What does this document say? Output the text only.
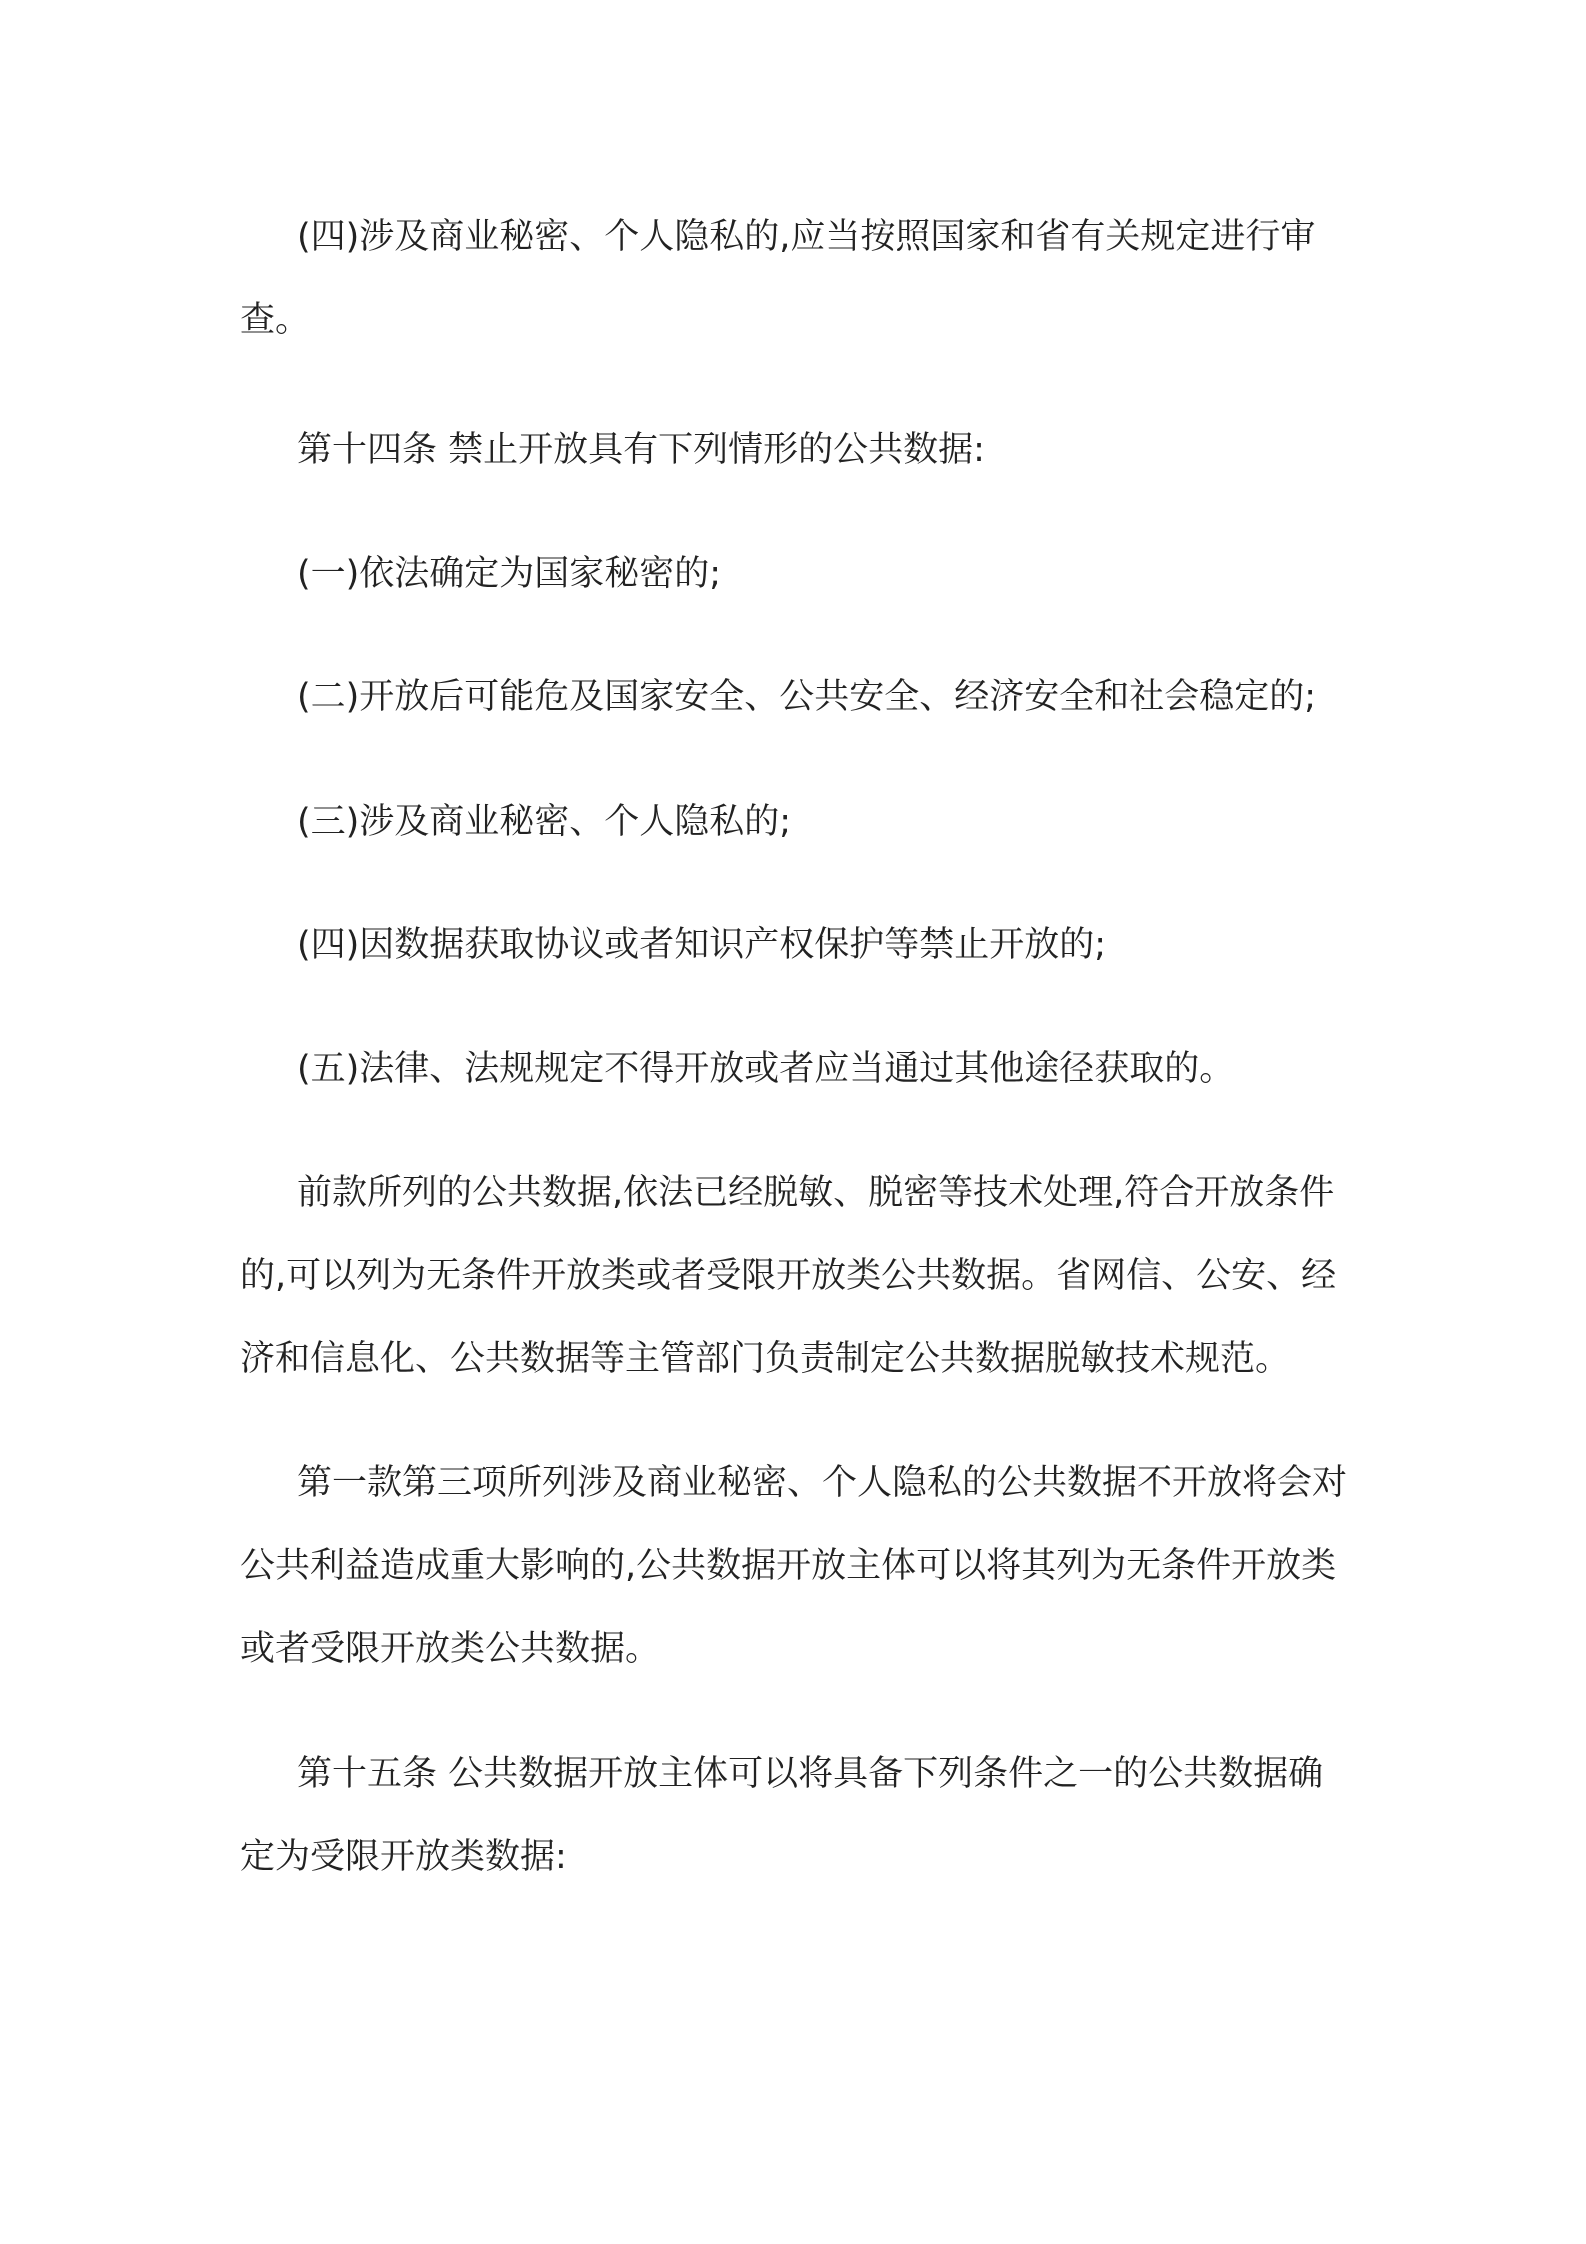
(四)涉及商业秘密、个人隐私的,应当按照国家和省有关规定进行审查。

第十四条 禁止开放具有下列情形的公共数据:

(一)依法确定为国家秘密的;

(二)开放后可能危及国家安全、公共安全、经济安全和社会稳定的;

(三)涉及商业秘密、个人隐私的;

(四)因数据获取协议或者知识产权保护等禁止开放的;

(五)法律、法规规定不得开放或者应当通过其他途径获取的。

前款所列的公共数据,依法已经脱敏、脱密等技术处理,符合开放条件的,可以列为无条件开放类或者受限开放类公共数据。省网信、公安、经济和信息化、公共数据等主管部门负责制定公共数据脱敏技术规范。

第一款第三项所列涉及商业秘密、个人隐私的公共数据不开放将会对公共利益造成重大影响的,公共数据开放主体可以将其列为无条件开放类或者受限开放类公共数据。

第十五条 公共数据开放主体可以将具备下列条件之一的公共数据确定为受限开放类数据:
